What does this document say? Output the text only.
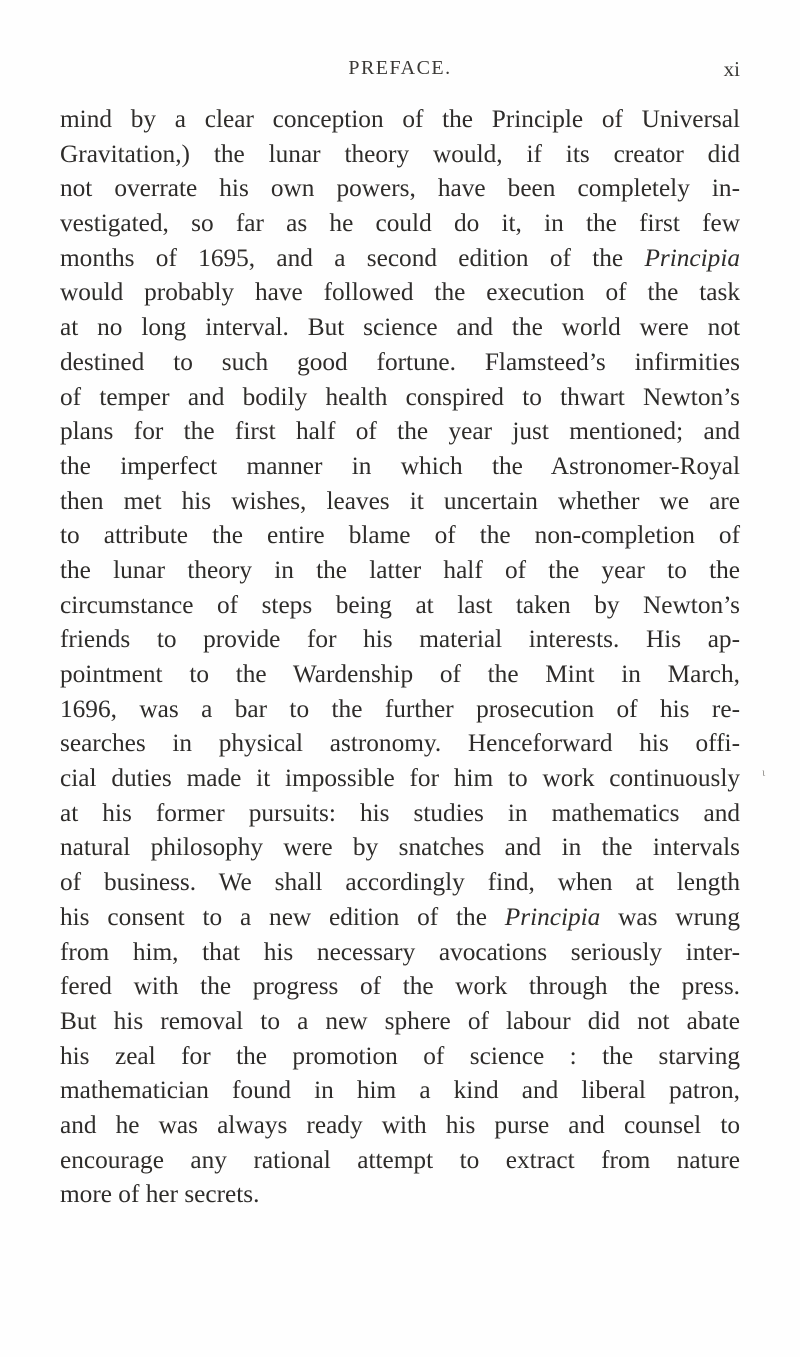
PREFACE.	xi
mind by a clear conception of the Principle of Universal
Gravitation,) the lunar theory would, if its creator did
not overrate his own powers, have been completely in-
vestigated, so far as he could do it, in the first few
months of 1695, and a second edition of the Principia
would probably have followed the execution of the task
at no long interval. But science and the world were not
destined to such good fortune. Flamsteed’s infirmities
of temper and bodily health conspired to thwart Newton’s
plans for the first half of the year just mentioned; and
the imperfect manner in which the Astronomer-Royal
then met his wishes, leaves it uncertain whether we are
to attribute the entire blame of the non-completion of
the lunar theory in the latter half of the year to the
circumstance of steps being at last taken by Newton’s
friends to provide for his material interests. His ap-
pointment to the Wardenship of the Mint in March,
1696, was a bar to the further prosecution of his re-
searches in physical astronomy. Henceforward his offi-
cial duties made it impossible for him to work continuously
at his former pursuits: his studies in mathematics and
natural philosophy were by snatches and in the intervals
of business. We shall accordingly find, when at length
his consent to a new edition of the Principia was wrung
from him, that his necessary avocations seriously inter-
fered with the progress of the work through the press.
But his removal to a new sphere of labour did not abate
his zeal for the promotion of science : the starving
mathematician found in him a kind and liberal patron,
and he was always ready with his purse and counsel to
encourage any rational attempt to extract from nature
more of her secrets.
ι
